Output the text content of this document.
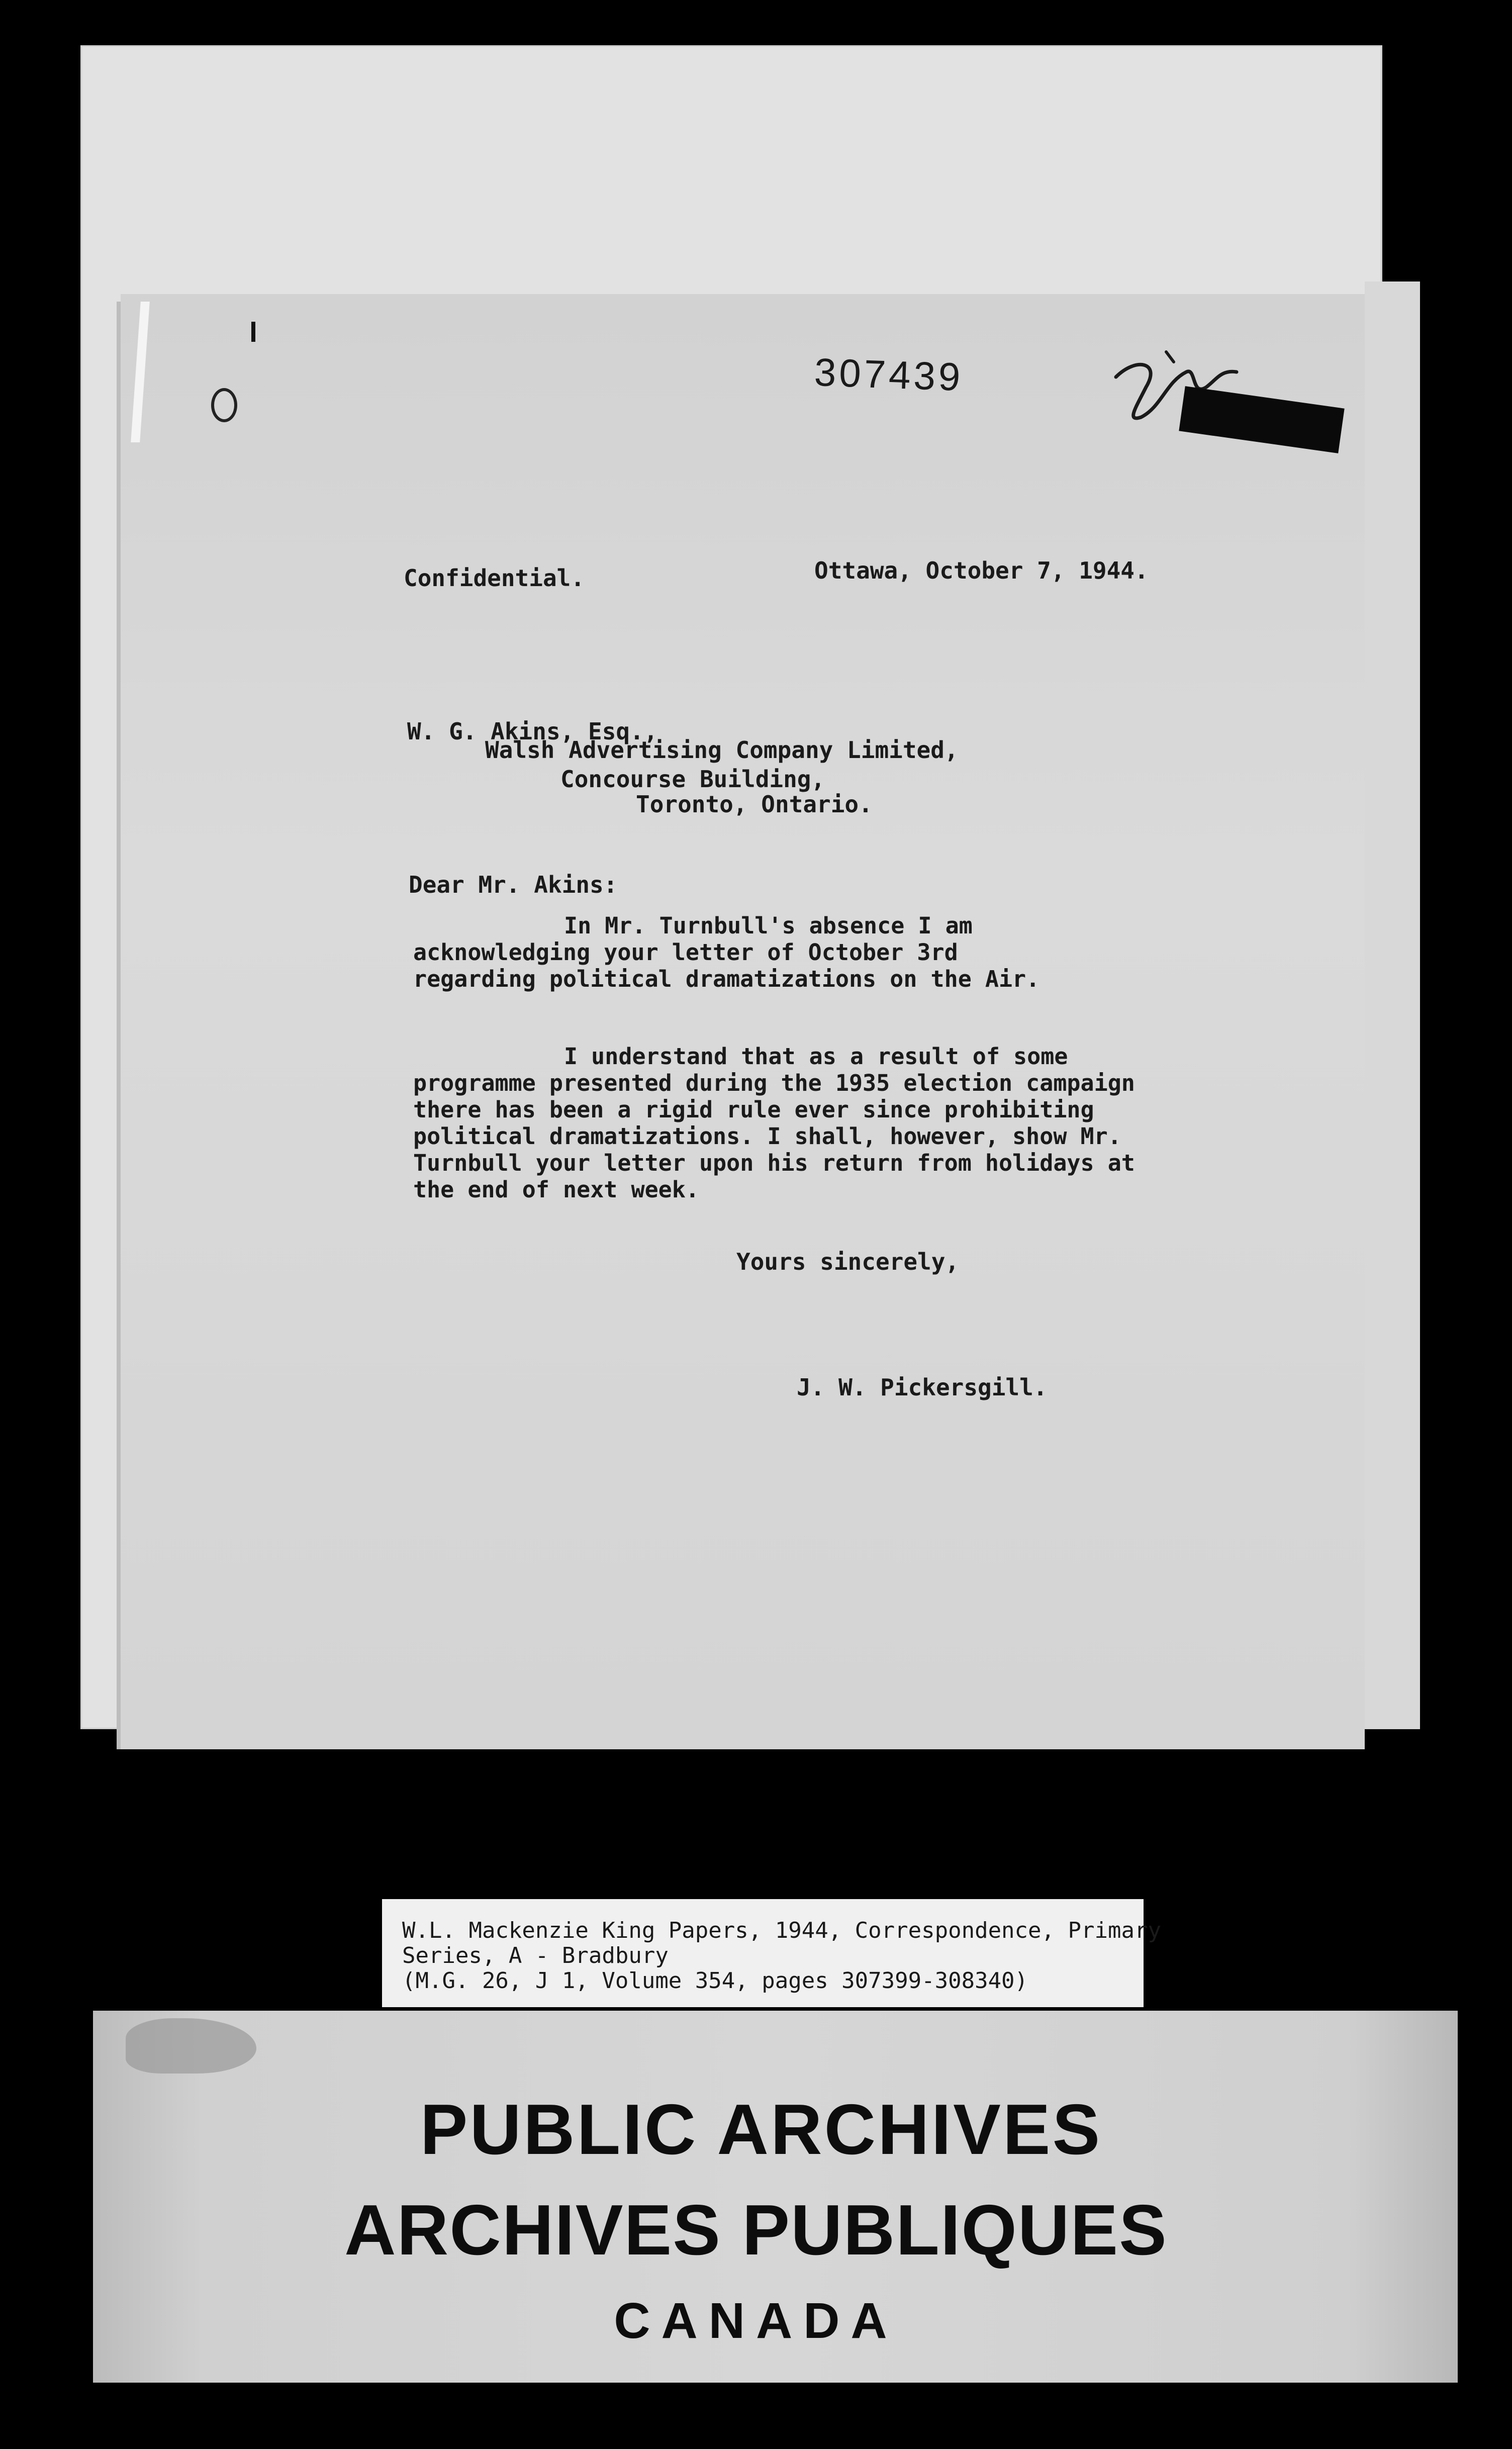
307439
Confidential.	Ottawa, October 7, 1944.
W. G. Akins, Esq.,
Walsh Advertising Company Limited,
Concourse Building,
Toronto, Ontario.
Dear Mr. Akins:
In Mr. Turnbull's absence I am acknowledging your letter of October 3rd regarding political dramatizations on the Air.
I understand that as a result of some programme presented during the 1935 election campaign there has been a rigid rule ever since prohibiting political dramatizations. I shall, however, show Mr. Turnbull your letter upon his return from holidays at the end of next week.
Yours sincerely,
J. W. Pickersgill.
W.L. Mackenzie King Papers, 1944, Correspondence, Primary
Series, A - Bradbury
(M.G. 26, J 1, Volume 354, pages 307399-308340)
PUBLIC ARCHIVES
ARCHIVES PUBLIQUES
CANADA
